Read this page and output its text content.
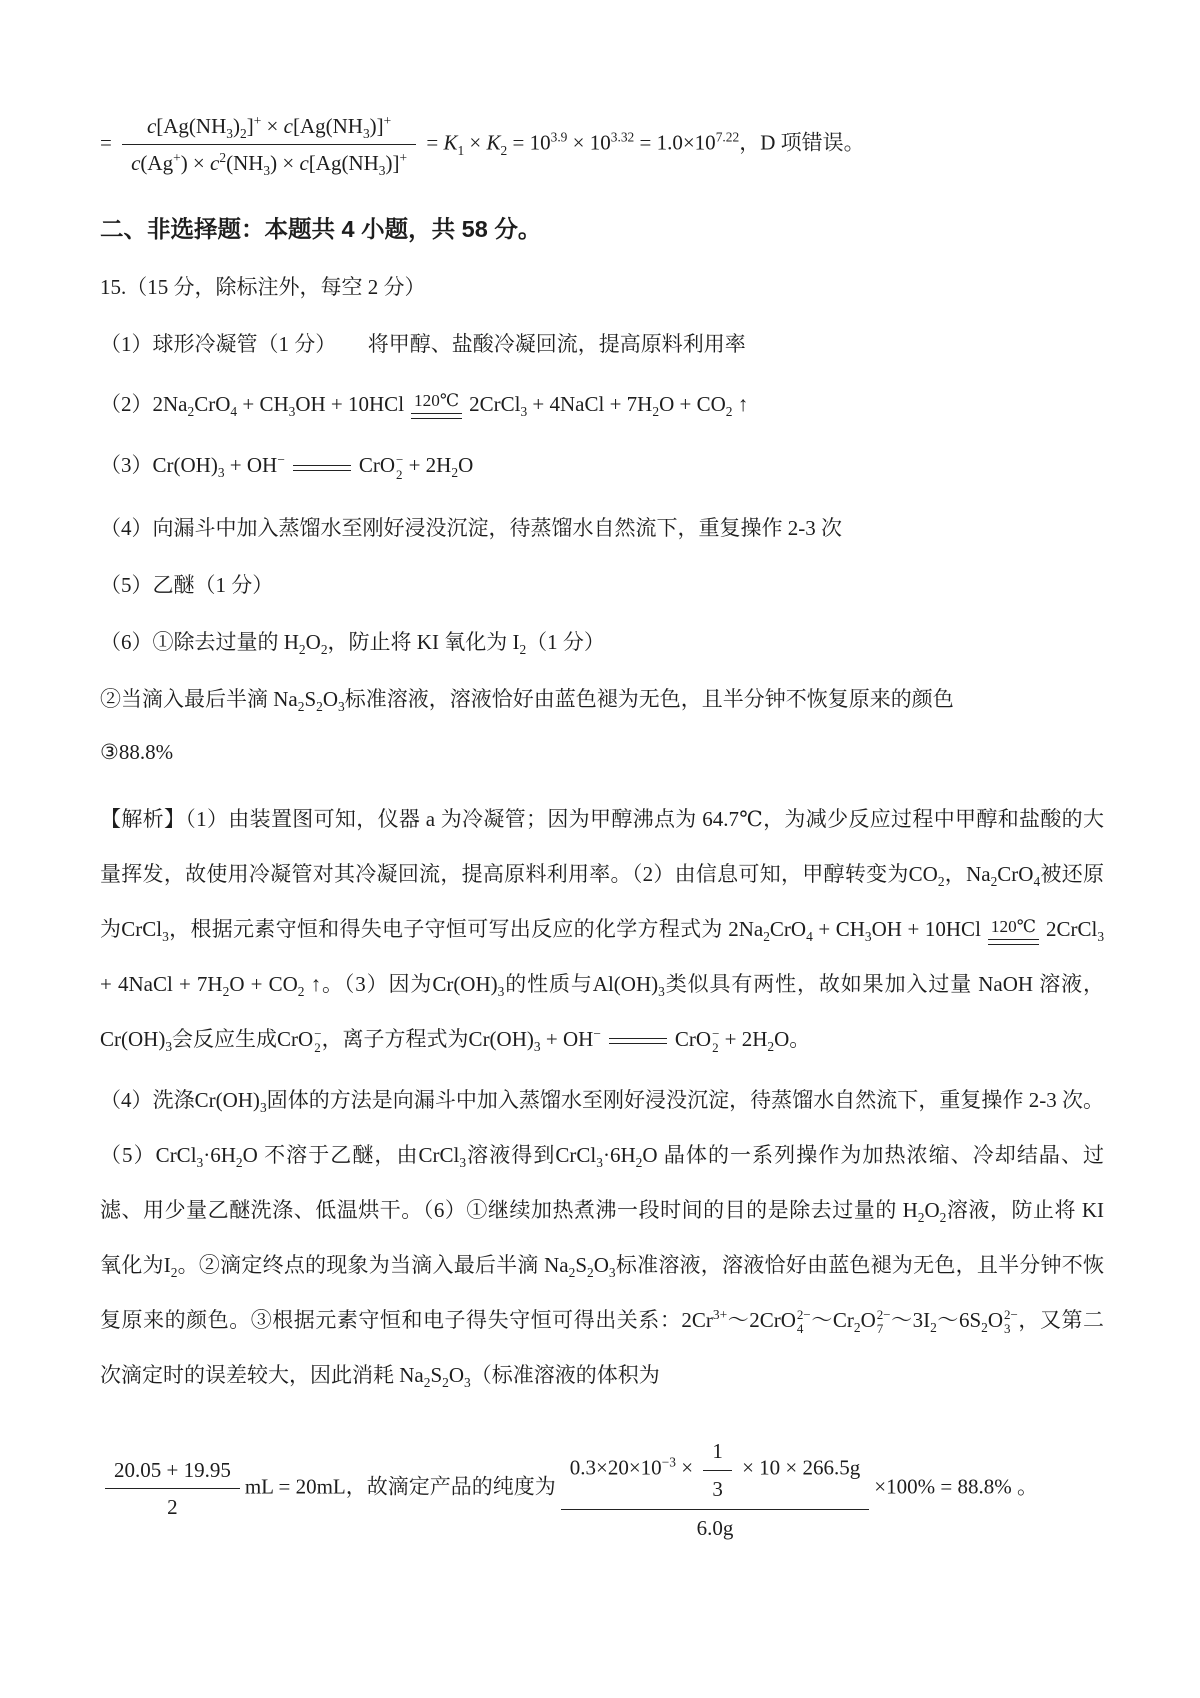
= $\frac{c[Ag(NH_3)_2]^+ \times c[Ag(NH_3)]^+}{c(Ag^+) \times c^2(NH_3) \times c[Ag(NH_3)]^+} = K_1 \times K_2 = 10^{3.9} \times 10^{3.32} = 1.0\times 10^{7.22}$，D 项错误。
二、非选择题：本题共 4 小题，共 58 分。
15.（15 分，除标注外，每空 2 分）
（1）球形冷凝管（1 分）　　将甲醇、盐酸冷凝回流，提高原料利用率
$(2)2Na_2CrO_4 + CH_3OH + 10HCl$ 120℃ 2CrCl$_3$ + 4NaCl + $7H_2O + CO_2$ ↑
$(3)Cr(OH)_3 + OH^-$	CrO −
$2 + 2H_2O$
（4）向漏斗中加入蒸馏水至刚好浸没沉淀，待蒸馏水自然流下，重复操作 2-3 次
（5）乙醚（1 分）
（6）①除去过量的 $H_2O_2$，防止将 KI 氧化为 $I_2(1$ 分）
②当滴入最后半滴 $Na_2S_2O_3$标准溶液，溶液恰好由蓝色褪为无色，且半分钟不恢复原来的颜色
③88.8%
【解析】（1）由装置图可知，仪器 a 为冷凝管；因为甲醇沸点为 64.7℃，为减少反应过程中甲醇和盐酸的大量挥发，故使用冷凝管对其冷凝回流，提高原料利用率。（2）由信息可知，甲醇转变为$CO_2$，$Na_2CrO_4$被还原为CrCl$_3$，根据元素守恒和得失电子守恒可写出反应的化学方程式为 $2Na_2CrO_4 + CH_3OH + 10HCl$ 120℃ 2CrCl$_3$ + 4NaCl + $7H_2O + CO_2$ ↑。（3）因为$Cr(OH)_3$的性质与$Al(OH)_3$类似具有两性，故如果加入过量 NaOH 溶液，$Cr(OH)_3$会反应生成CrO −
2 ，离子方程式为$Cr(OH)_3 + OH^-$	CrO −
$2 + 2H_2O$。
（4）洗涤$Cr(OH)_3$固体的方法是向漏斗中加入蒸馏水至刚好浸没沉淀，待蒸馏水自然流下，重复操作 2-3 次。$(5)CrCl_3\cdot 6H_2O$ 不溶于乙醚，由CrCl$_3$溶液得到$CrCl_3\cdot 6H_2O$ 晶体的一系列操作为加热浓缩、冷却结晶、过滤、用少量乙醚洗涤、低温烘干。（6）①继续加热煮沸一段时间的目的是除去过量的 $H_2O_2$溶液，防止将 KI 氧化为$I_2$。②滴定终点的现象为当滴入最后半滴 $Na_2S_2O_3$标准溶液，溶液恰好由蓝色褪为无色，且半分钟不恢复原来的颜色。③根据元素守恒和电子得失守恒可得出关系：$2Cr^{3+}\sim 2CrO$ 2−
4 $\sim Cr_2O$ 2−
7 $\sim 3I_2\sim 6S_2O$ 2−
3 ，又第二次滴定时的误差较大，因此消耗 $Na_2S_2O_3$（标准溶液的体积为
$\frac{20.05 + 19.95}{2}$ mL = 20mL，故滴定产品的纯度为 $\frac{0.3\times 20\times 10^{-3} \times \frac{1}{3} \times 10 \times 266.5g}{6.0g} \times 100\% = 88.8\%$ 。
